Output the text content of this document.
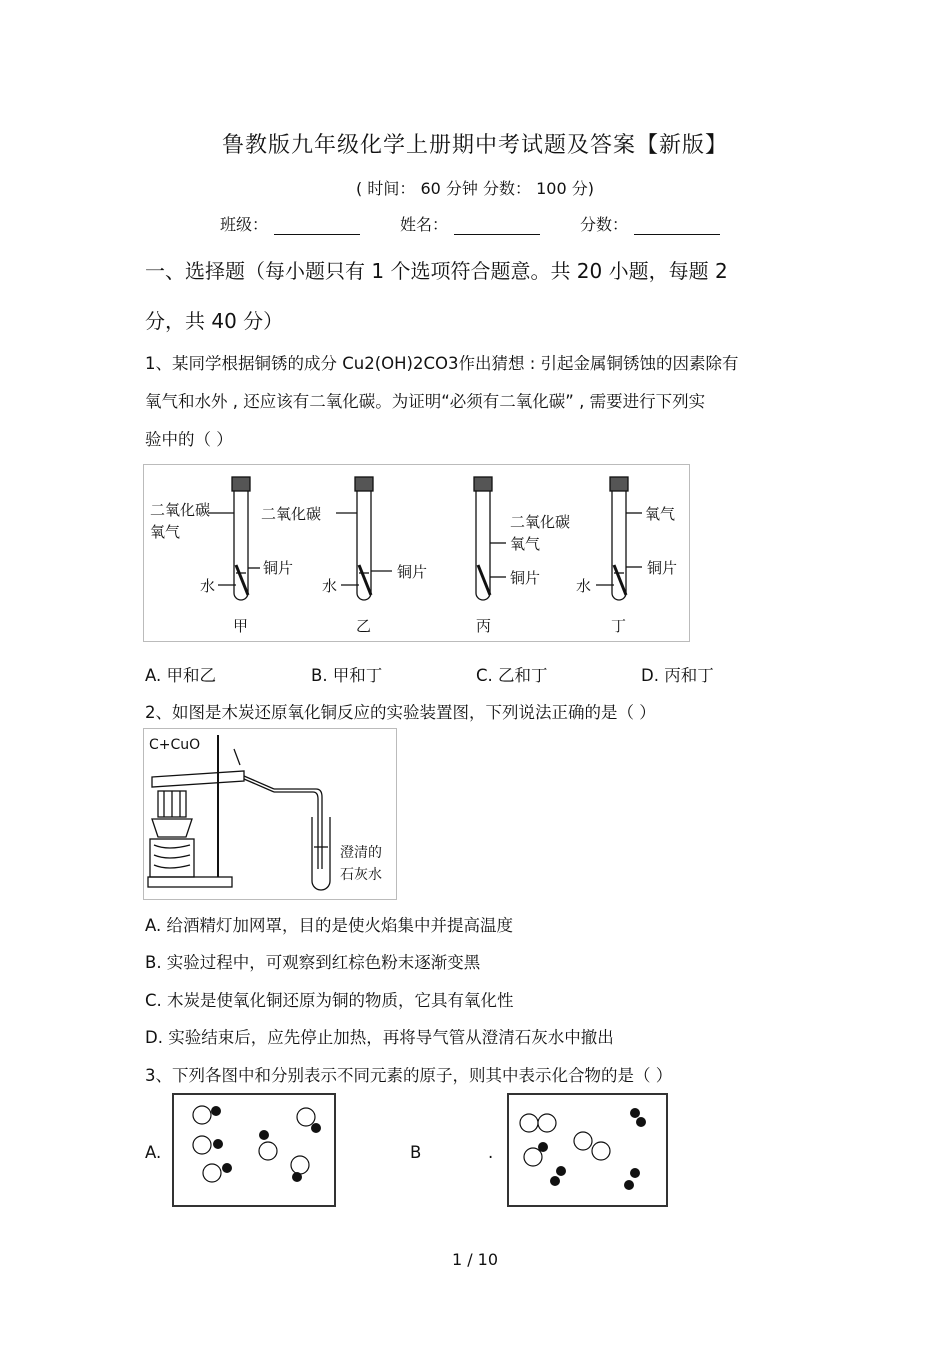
鲁教版九年级化学上册期中考试题及答案【新版】
( 时间： 60 分钟 分数： 100 分)
班级：	姓名：	分数：
一、选择题（每小题只有 1 个选项符合题意。共 20 小题，每题 2
分，共 40 分）
1、某同学根据铜锈的成分 Cu2(OH)2CO3作出猜想 : 引起金属铜锈蚀的因素除有
氧气和水外 , 还应该有二氧化碳。为证明“必须有二氧化碳” , 需要进行下列实
验中的（ ）
二氧化碳
氧气
铜片
水
二氧化碳
铜片
水
二氧化碳
氧气
铜片
氧气
铜片
水
甲	乙	丙	丁
A. 甲和乙	B. 甲和丁	C. 乙和丁	D. 丙和丁
2、如图是木炭还原氧化铜反应的实验装置图，下列说法正确的是（ ）
C+CuO
澄清的
石灰水
A. 给酒精灯加网罩，目的是使火焰集中并提高温度
B. 实验过程中，可观察到红棕色粉末逐渐变黑
C. 木炭是使氧化铜还原为铜的物质，它具有氧化性
D. 实验结束后，应先停止加热，再将导气管从澄清石灰水中撤出
3、下列各图中和分别表示不同元素的原子，则其中表示化合物的是（ ）
A.	B	.
1 / 10
